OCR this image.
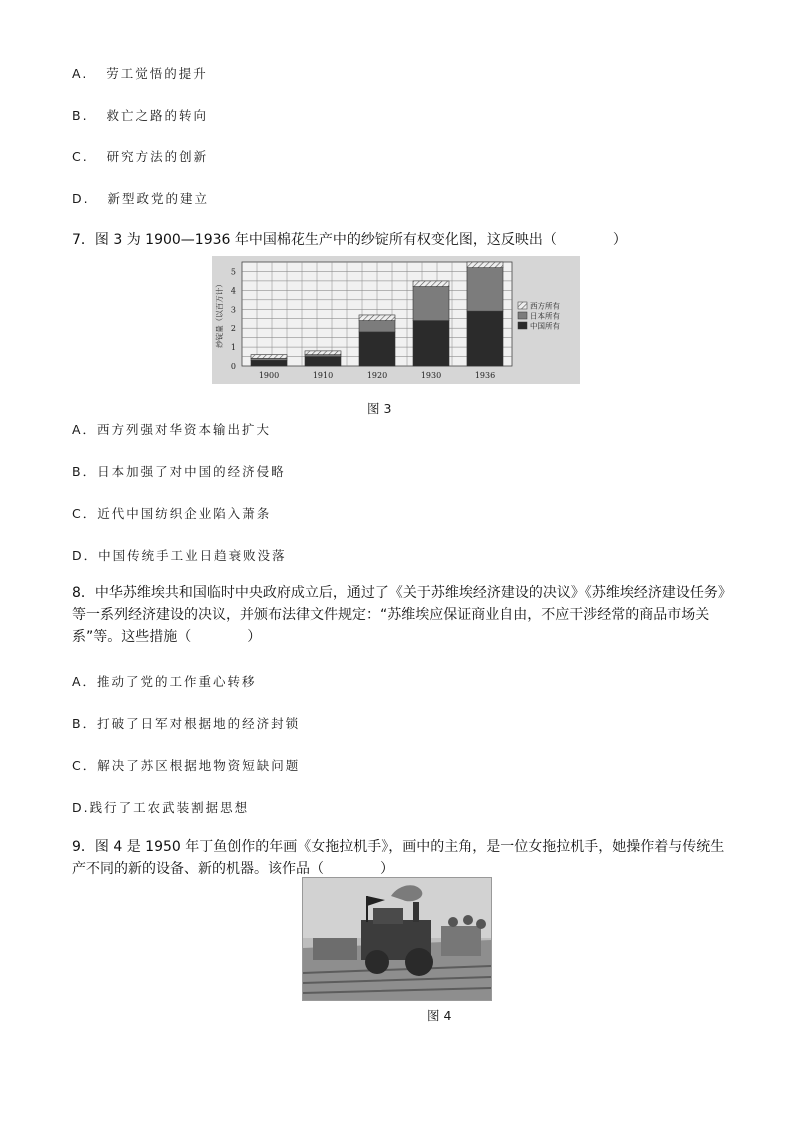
A. 劳工觉悟的提升
B. 救亡之路的转向
C. 研究方法的创新
D. 新型政党的建立
7．图 3 为 1900—1936 年中国棉花生产中的纱锭所有权变化图，这反映出（　　　　）
0
1
2
3
4
5
纱锭量（以百万计）
1900	1910	1920	1930	1936
西方所有
日本所有
中国所有
图 3
A．西方列强对华资本输出扩大
B．日本加强了对中国的经济侵略
C．近代中国纺织企业陷入萧条
D．中国传统手工业日趋衰败没落
8．中华苏维埃共和国临时中央政府成立后，通过了《关于苏维埃经济建设的决议》《苏维埃经济建设任务》等一系列经济建设的决议，并颁布法律文件规定：“苏维埃应保证商业自由，不应干涉经常的商品市场关系”等。这些措施（　　　　）
A．推动了党的工作重心转移
B．打破了日军对根据地的经济封锁
C．解决了苏区根据地物资短缺问题
D.践行了工农武装割据思想
9．图 4 是 1950 年丁鱼创作的年画《女拖拉机手》，画中的主角，是一位女拖拉机手，她操作着与传统生产不同的新的设备、新的机器。该作品（　　　　）
图 4
